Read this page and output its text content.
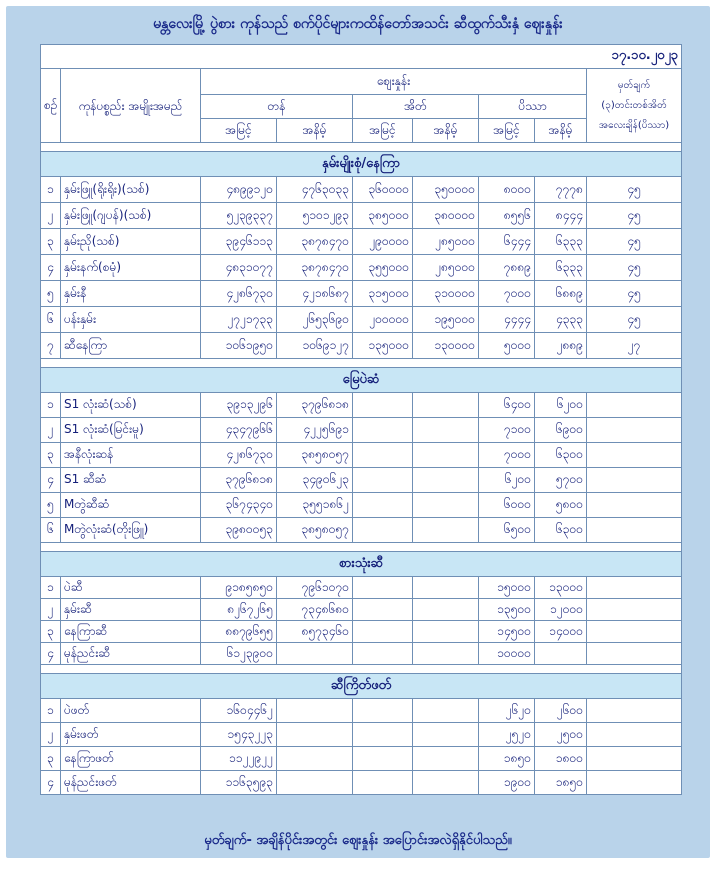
မန္တလေးမြို့ ပွဲစား ကုန်သည် စက်ပိုင်များကထိန်တော်အသင်း ဆီထွက်သီးနှံ ဈေးနှုန်း
၁၇.၁၀.၂၀၂၃								
စဉ်	ကုန်ပစ္စည်း အမျိုးအမည်	ဈေးနှုန်း						မှတ်ချက်
(၃)တင်းတစ်အိတ်
အလေးချိန်(ပိဿာ)

		တန်		အိတ်		ပိဿာ		
		အမြင့်	အနိမ့်	အမြင့်	အနိမ့်	အမြင့်	အနိမ့်	

နှမ်းမျိုးစုံ/နေကြာ								
၁	နှမ်းဖြူ(ရိုးရိုး)(သစ်)	၄၈၉၉၁၂၀	၄၇၆၃၀၃၃	၃၆၀၀၀၀	၃၅၀၀၀၀	၈၀၀၀	၇၇၇၈	၄၅
၂	နှမ်းဖြူ(ဂျပန်)(သစ်)	၅၂၃၉၃၃၇	၅၁၀၁၂၉၃	၃၈၅၀၀၀	၃၈၀၀၀၀	၈၅၅၆	၈၄၄၄	၄၅
၃	နှမ်းညို(သစ်)	၃၉၄၆၁၁၃	၃၈၇၈၄၇၀	၂၉၀၀၀၀	၂၈၅၀၀၀	၆၄၄၄	၆၃၃၃	၄၅
၄	နှမ်းနက်(စမုံ)	၄၈၃၁၀၇၇	၃၈၇၈၄၇၀	၃၅၅၀၀၀	၂၈၅၀၀၀	၇၈၈၉	၆၃၃၃	၄၅
၅	နှမ်းနီ	၄၂၈၆၇၃၀	၄၂၁၈၆၈၇	၃၁၅၀၀၀	၃၁၀၀၀၀	၇၀၀၀	၆၈၈၉	၄၅
၆	ပန်းနှမ်း	၂၇၂၁၇၃၃	၂၆၅၃၆၉၀	၂၀၀၀၀၀	၁၉၅၀၀၀	၄၄၄၄	၄၃၃၃	၄၅
၇	ဆီနေကြာ	၁၀၆၁၉၅၀	၁၀၆၉၁၂၇	၁၃၅၀၀၀	၁၃၀၀၀၀	၅၀၀၀	၂၈၈၉	၂၇

မြေပဲဆံ								
၁	S1 လုံးဆံ(သစ်)	၃၉၁၃၂၉၆	၃၇၉၆၈၁၈			၆၄၀၀	၆၂၀၀	
၂	S1 လုံးဆံ(မြင်းမူ)	၄၃၄၇၉၆၆	၄၂၂၅၆၉၁			၇၁၀၀	၆၉၀၀	
၃	အနီလုံးဆန်	၄၂၈၆၇၃၀	၃၈၅၈၀၅၇			၇၀၀၀	၆၃၀၀	
၄	S1 ဆီဆံ	၃၇၉၆၈၁၈	၃၄၉၀၆၂၃			၆၂၀၀	၅၇၀၀	
၅	Mတွဲဆီဆံ	၃၆၇၄၃၄၀	၃၅၅၁၈၆၂			၆၀၀၀	၅၈၀၀	
၆	Mတွဲလုံးဆံ(တိုးဖြူ)	၃၉၈၀၀၅၃	၃၈၅၈၀၅၇			၆၅၀၀	၆၃၀၀	

စားသုံးဆီ								
၁	ပဲဆီ	၉၁၈၅၈၅၀	၇၉၆၁၀၇၀			၁၅၀၀၀	၁၃၀၀၀	
၂	နှမ်းဆီ	၈၂၆၇၂၆၅	၇၃၄၈၆၈၀			၁၃၅၀၀	၁၂၀၀၀	
၃	နေကြာဆီ	၈၈၇၉၆၅၅	၈၅၇၃၄၆၀			၁၄၅၀၀	၁၄၀၀၀	
၄	မုန်ညင်းဆီ	၆၁၂၃၉၀၀				၁၀၀၀၀		

ဆီကြိတ်ဖတ်								
၁	ပဲဖတ်	၁၆၀၄၄၆၂				၂၆၂၀	၂၆၀၀	
၂	နှမ်းဖတ်	၁၅၄၃၂၂၃				၂၅၂၀	၂၅၀၀	
၃	နေကြာဖတ်	၁၁၂၂၉၂၂				၁၈၅၀	၁၈၀၀	
၄	မုန်ညင်းဖတ်	၁၁၆၃၅၉၃				၁၉၀၀	၁၈၅၀	
မှတ်ချက်- အချိန်ပိုင်းအတွင်း ဈေးနှုန်း အပြောင်းအလဲရှိနိုင်ပါသည်။
